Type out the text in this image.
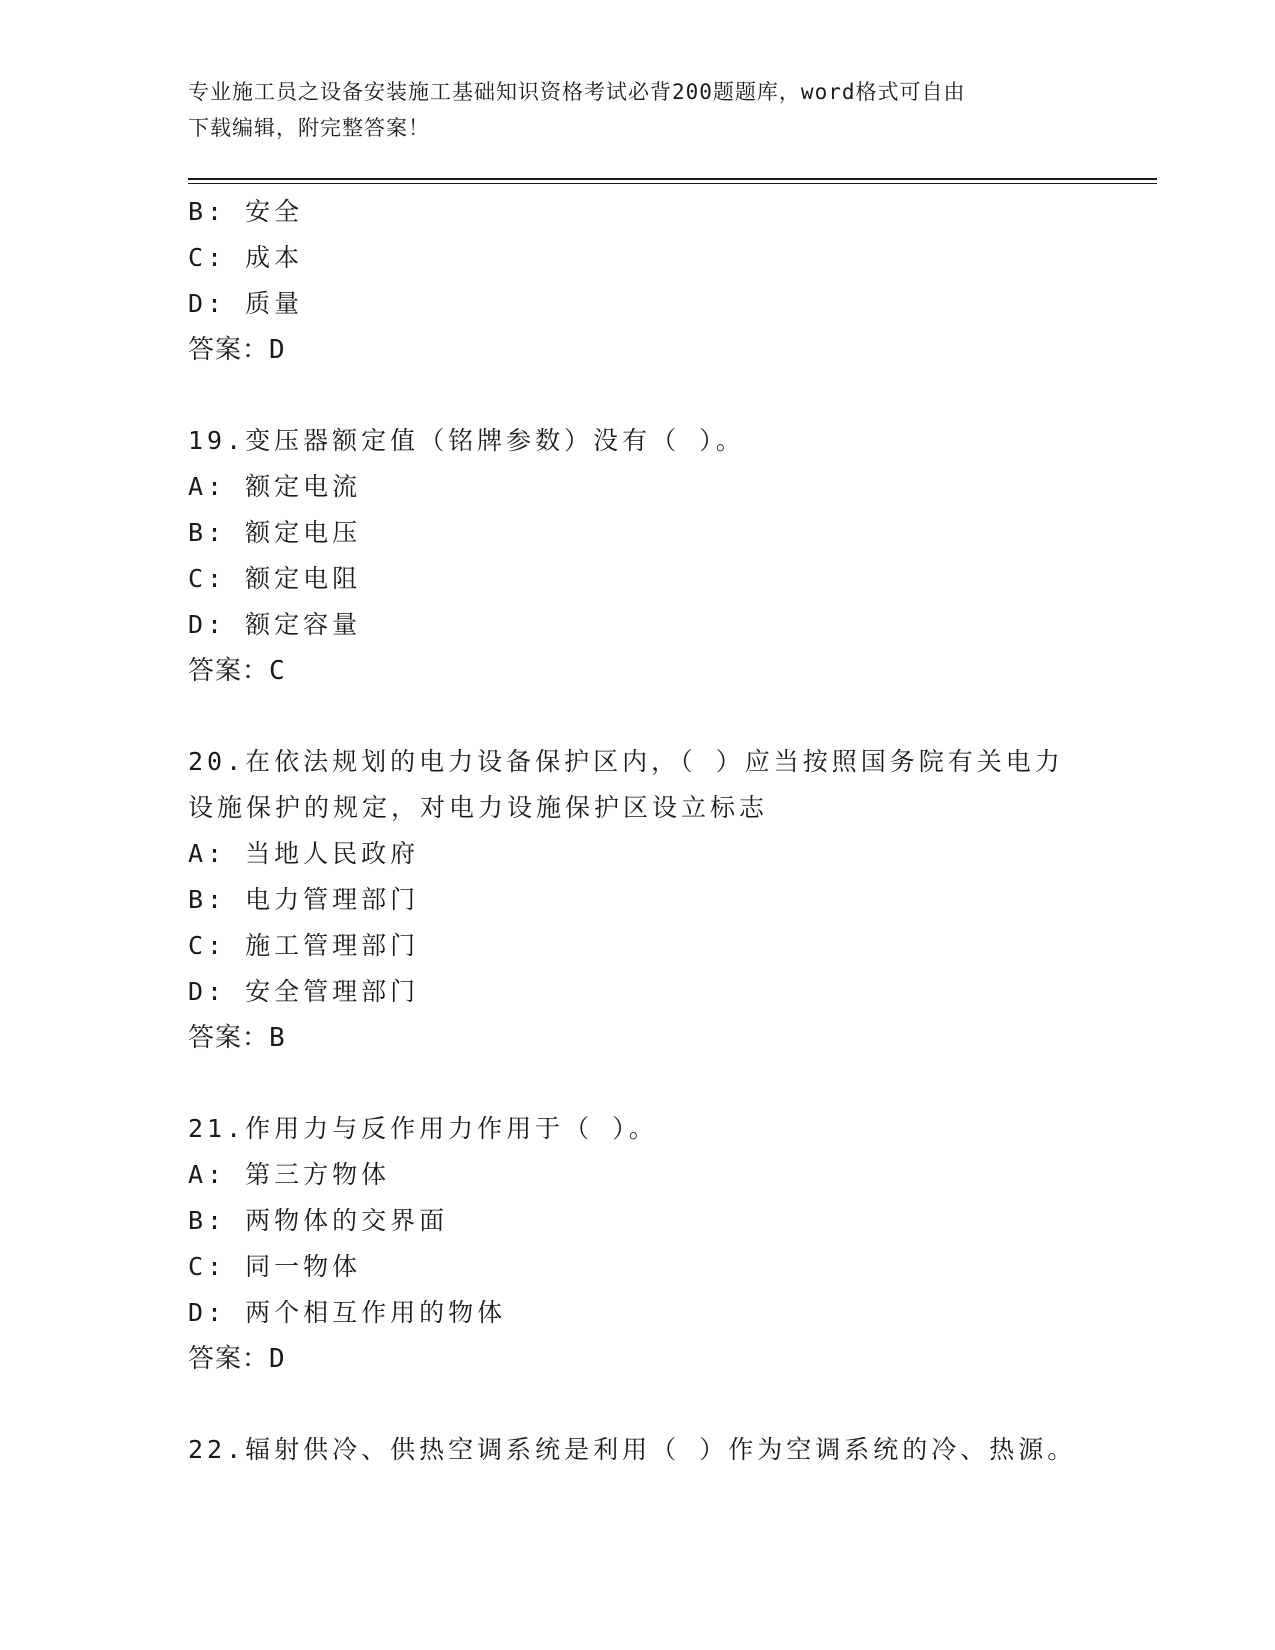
专业施工员之设备安装施工基础知识资格考试必背200题题库，word格式可自由
下载编辑，附完整答案！
B: 安全
C: 成本
D: 质量
答案：D
19.变压器额定值（铭牌参数）没有（ ）。
A: 额定电流
B: 额定电压
C: 额定电阻
D: 额定容量
答案：C
20.在依法规划的电力设备保护区内，（ ）应当按照国务院有关电力
设施保护的规定，对电力设施保护区设立标志
A: 当地人民政府
B: 电力管理部门
C: 施工管理部门
D: 安全管理部门
答案：B
21.作用力与反作用力作用于（ ）。
A: 第三方物体
B: 两物体的交界面
C: 同一物体
D: 两个相互作用的物体
答案：D
22.辐射供冷、供热空调系统是利用（ ）作为空调系统的冷、热源。
